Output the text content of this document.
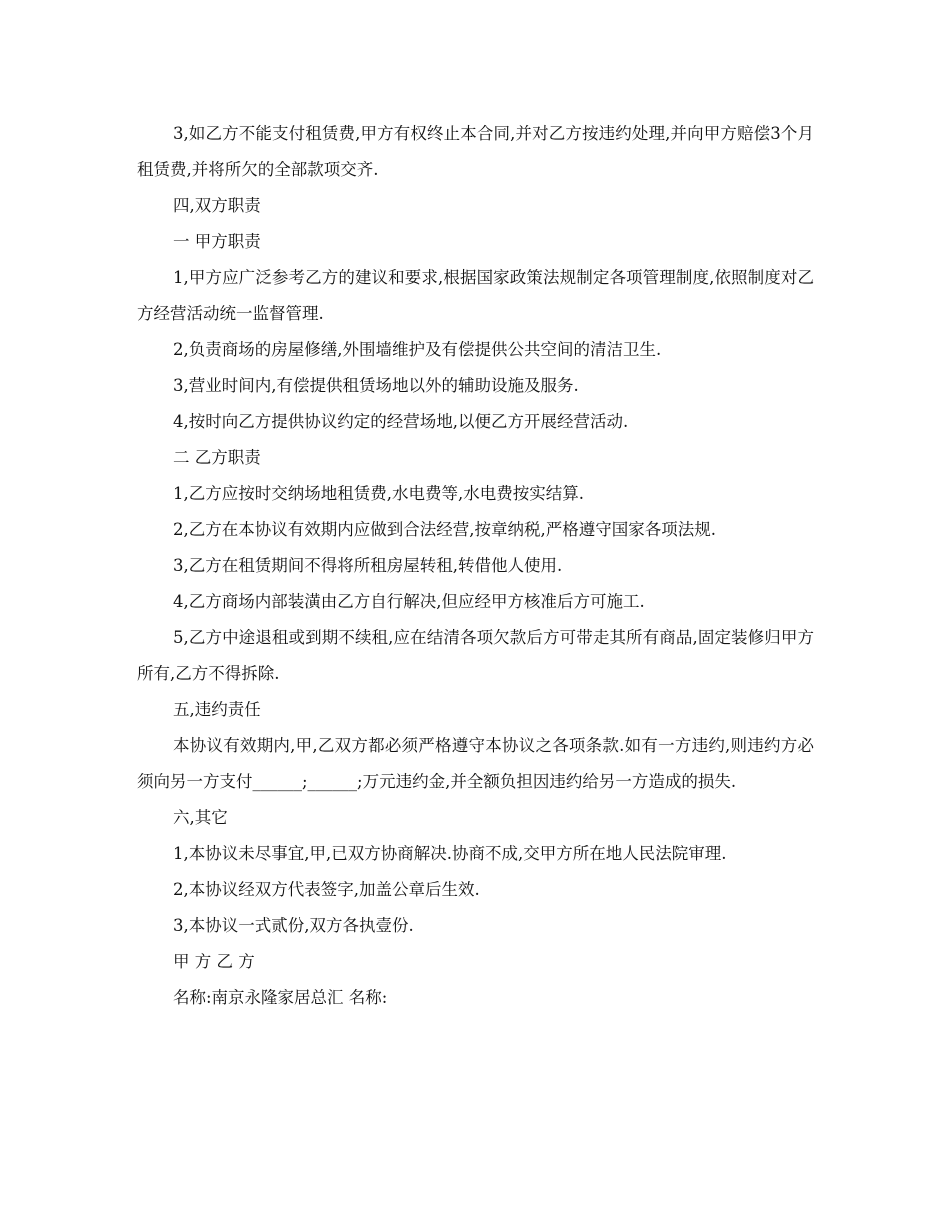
3,如乙方不能支付租赁费,甲方有权终止本合同,并对乙方按违约处理,并向甲方赔偿3个月租赁费,并将所欠的全部款项交齐.

四,双方职责

一 甲方职责

1,甲方应广泛参考乙方的建议和要求,根据国家政策法规制定各项管理制度,依照制度对乙方经营活动统一监督管理.

2,负责商场的房屋修缮,外围墙维护及有偿提供公共空间的清洁卫生.

3,营业时间内,有偿提供租赁场地以外的辅助设施及服务.

4,按时向乙方提供协议约定的经营场地,以便乙方开展经营活动.

二 乙方职责

1,乙方应按时交纳场地租赁费,水电费等,水电费按实结算.

2,乙方在本协议有效期内应做到合法经营,按章纳税,严格遵守国家各项法规.

3,乙方在租赁期间不得将所租房屋转租,转借他人使用.

4,乙方商场内部装潢由乙方自行解决,但应经甲方核准后方可施工.

5,乙方中途退租或到期不续租,应在结清各项欠款后方可带走其所有商品,固定装修归甲方所有,乙方不得拆除.

五,违约责任

本协议有效期内,甲,乙双方都必须严格遵守本协议之各项条款.如有一方违约,则违约方必须向另一方支付______;______;万元违约金,并全额负担因违约给另一方造成的损失.

六,其它

1,本协议未尽事宜,甲,已双方协商解决.协商不成,交甲方所在地人民法院审理.

2,本协议经双方代表签字,加盖公章后生效.

3,本协议一式贰份,双方各执壹份.

甲 方 乙 方

名称:南京永隆家居总汇 名称:
